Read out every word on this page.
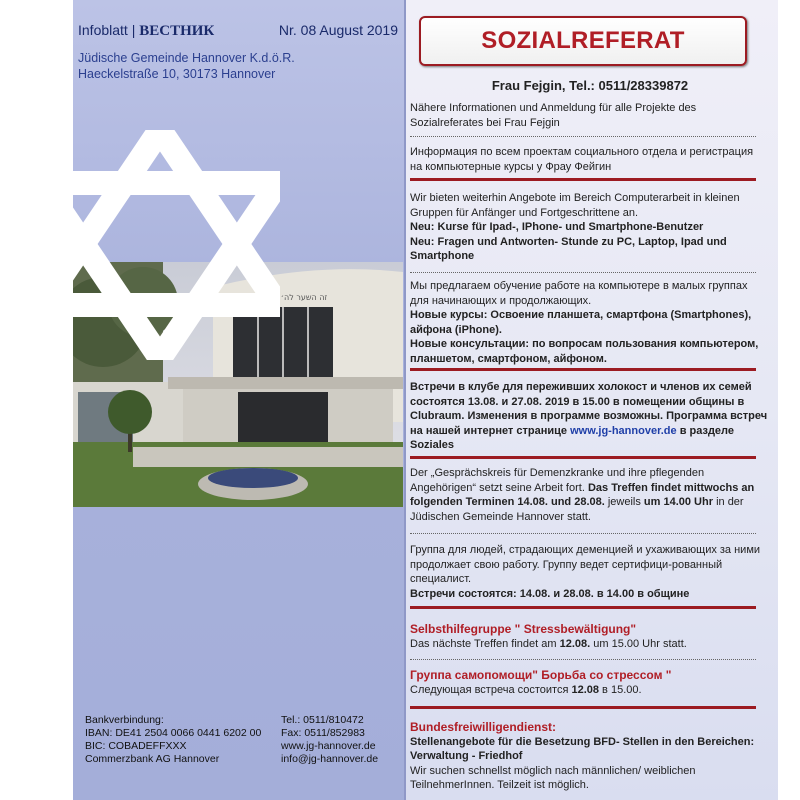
Infoblatt | ВЕСТНИК	Nr. 08 August 2019
Jüdische Gemeinde Hannover K.d.ö.R.
Haeckelstraße 10, 30173 Hannover
זה השער לה׳ צדיקים יבאו בו
Bankverbindung:
IBAN: DE41 2504 0066 0441 6202 00
BIC: COBADEFFXXX
Commerzbank AG Hannover
Tel.: 0511/810472
Fax: 0511/852983
www.jg-hannover.de
info@jg-hannover.de
SOZIALREFERAT
Frau Fejgin, Tel.: 0511/28339872
Nähere Informationen und Anmeldung für alle Projekte des Sozialreferates bei Frau Fejgin
Информация по всем проектам социального отдела и регистрация на компьютерные курсы у Фрау Фейгин
Wir bieten weiterhin Angebote im Bereich Computerarbeit in kleinen Gruppen für Anfänger und Fortgeschrittene an.
Neu: Kurse für Ipad-, IPhone- und Smartphone-Benutzer
Neu: Fragen und Antworten- Stunde zu PC, Laptop, Ipad und Smartphone
Мы предлагаем обучение работе на компьютере в малых группах для начинающих и продолжающих.
Новые курсы: Освоение планшета, смартфона (Smartphones), айфона (iPhone).
Новые консультации: по вопросам пользования компьютером, планшетом, смартфоном, айфоном.
Встречи в клубе для переживших холокост и членов их семей состоятся 13.08. и 27.08. 2019 в 15.00 в помещении общины в Clubraum. Изменения в программе возможны. Программа встреч на нашей интернет странице www.jg-hannover.de в разделе Soziales
Der „Gesprächskreis für Demenzkranke und ihre pflegenden Angehörigen“ setzt seine Arbeit fort. Das Treffen findet mittwochs an folgenden Terminen 14.08. und 28.08. jeweils um 14.00 Uhr in der Jüdischen Gemeinde Hannover statt.
Группа для людей, страдающих деменцией и ухаживающих за ними продолжает свою работу. Группу ведет сертифици-рованный специалист.
Встречи состоятся: 14.08. и 28.08. в 14.00 в общине
Selbsthilfegruppe " Stressbewältigung"
Das nächste Treffen findet am 12.08. um 15.00 Uhr statt.
Группа самопомощи" Борьба со стрессом "
Следующая встреча состоится 12.08 в 15.00.
Bundesfreiwilligendienst:
Stellenangebote für die Besetzung BFD- Stellen in den Bereichen: Verwaltung - Friedhof
Wir suchen schnellst möglich nach männlichen/ weiblichen TeilnehmerInnen. Teilzeit ist möglich.
